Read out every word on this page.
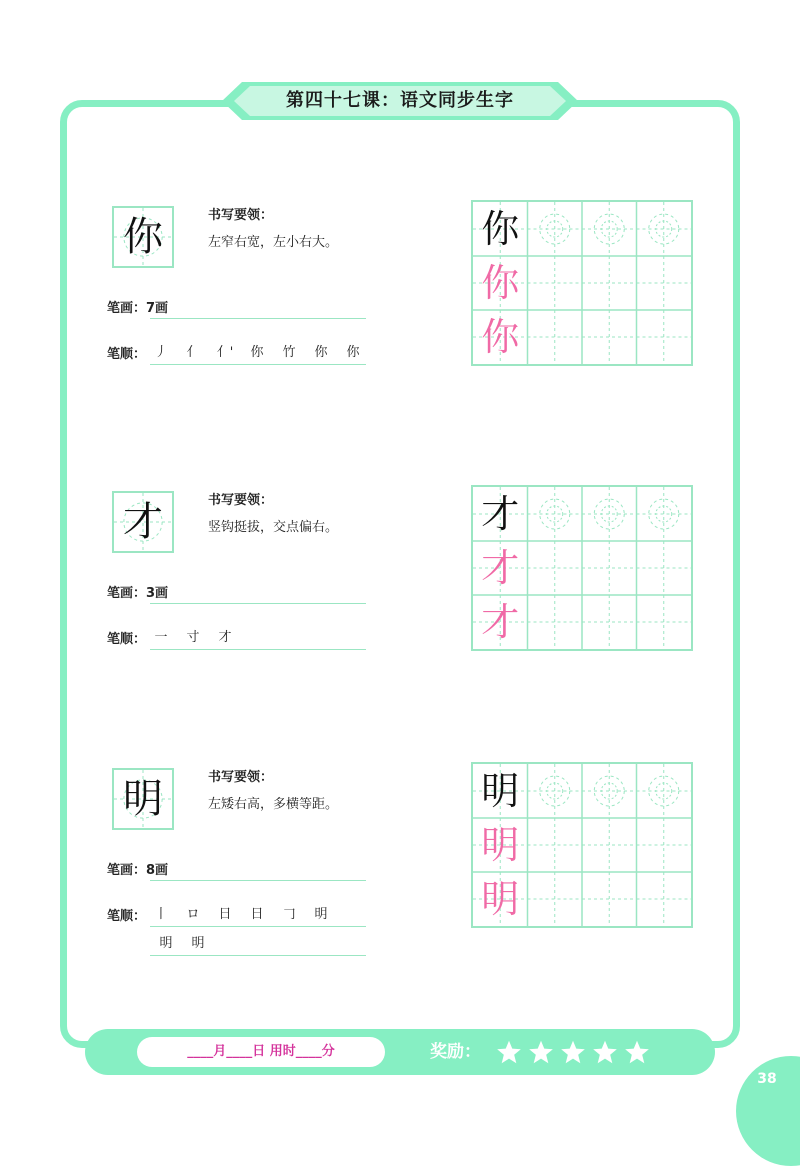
第四十七课：语文同步生字
你	书写要领：
左窄右宽，左小右大。
笔画：7画
笔顺： 丿	亻	亻'	你	竹	你	你
你
你
你
才	书写要领：
竖钩挺拔，交点偏右。
笔画：3画
笔顺： 一	寸	才
才
才
才
明	书写要领：
左矮右高，多横等距。
笔画：8画
笔顺： 丨	ロ	日	日	𠃌	明
明	明
明
明
明
____月____日 用时____分	奖励：
38
